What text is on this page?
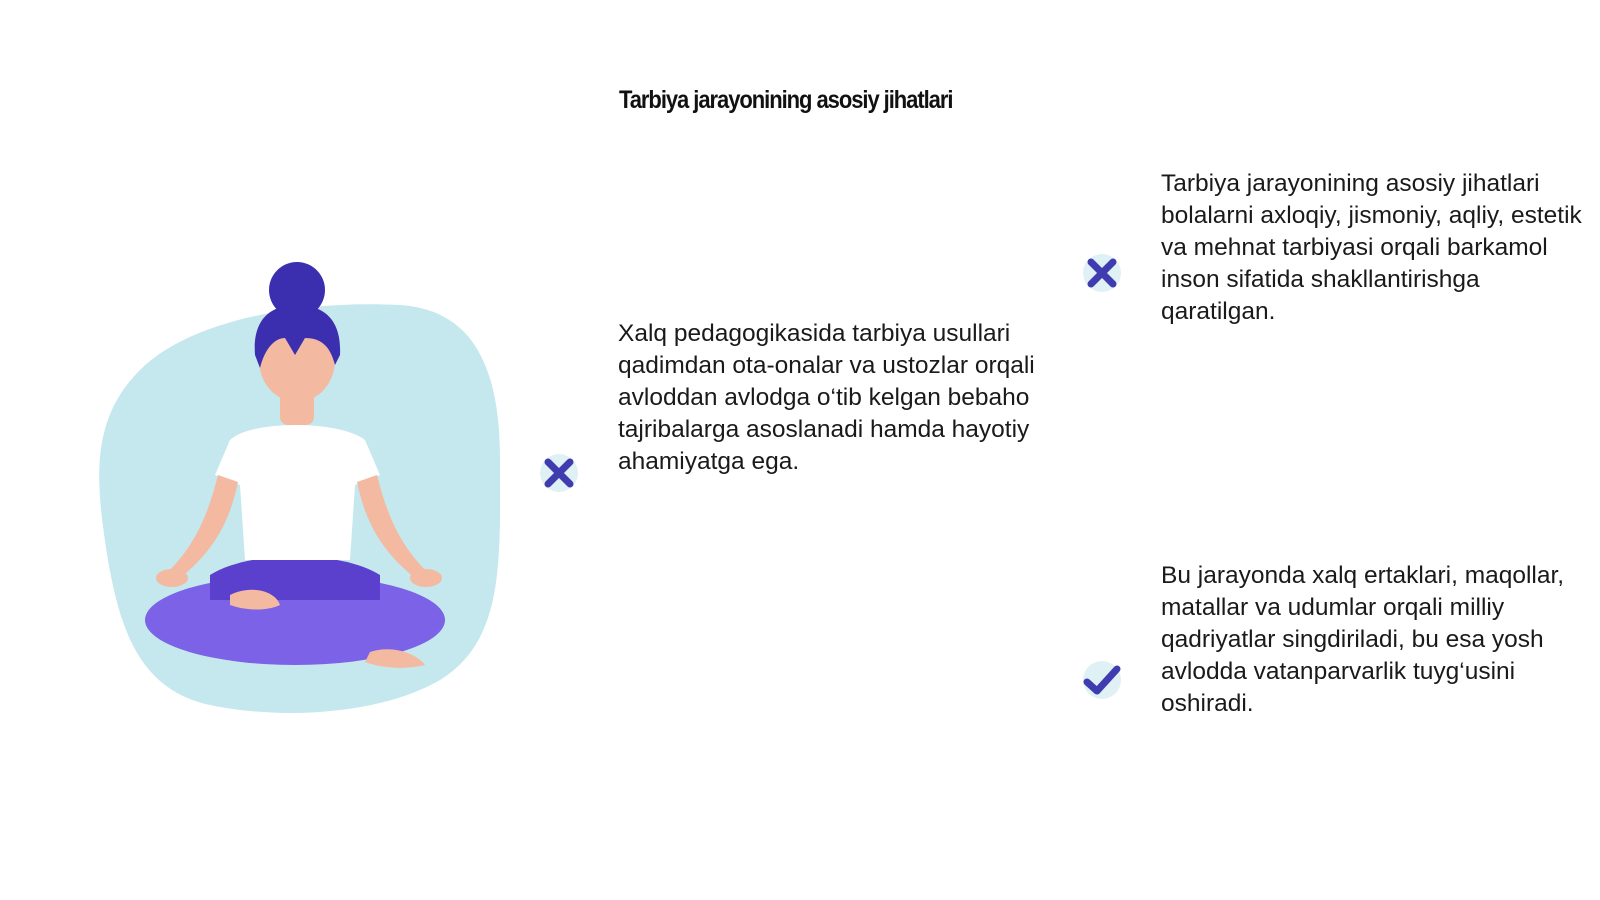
Tarbiya jarayonining asosiy jihatlari

Xalq pedagogikasida tarbiya usullari qadimdan ota-onalar va ustozlar orqali avloddan avlodga o‘tib kelgan bebaho tajribalarga asoslanadi hamda hayotiy ahamiyatga ega.

Tarbiya jarayonining asosiy jihatlari bolalarni axloqiy, jismoniy, aqliy, estetik va mehnat tarbiyasi orqali barkamol inson sifatida shakllantirishga qaratilgan.

Bu jarayonda xalq ertaklari, maqollar, matallar va udumlar orqali milliy qadriyatlar singdiriladi, bu esa yosh avlodda vatanparvarlik tuyg‘usini oshiradi.
